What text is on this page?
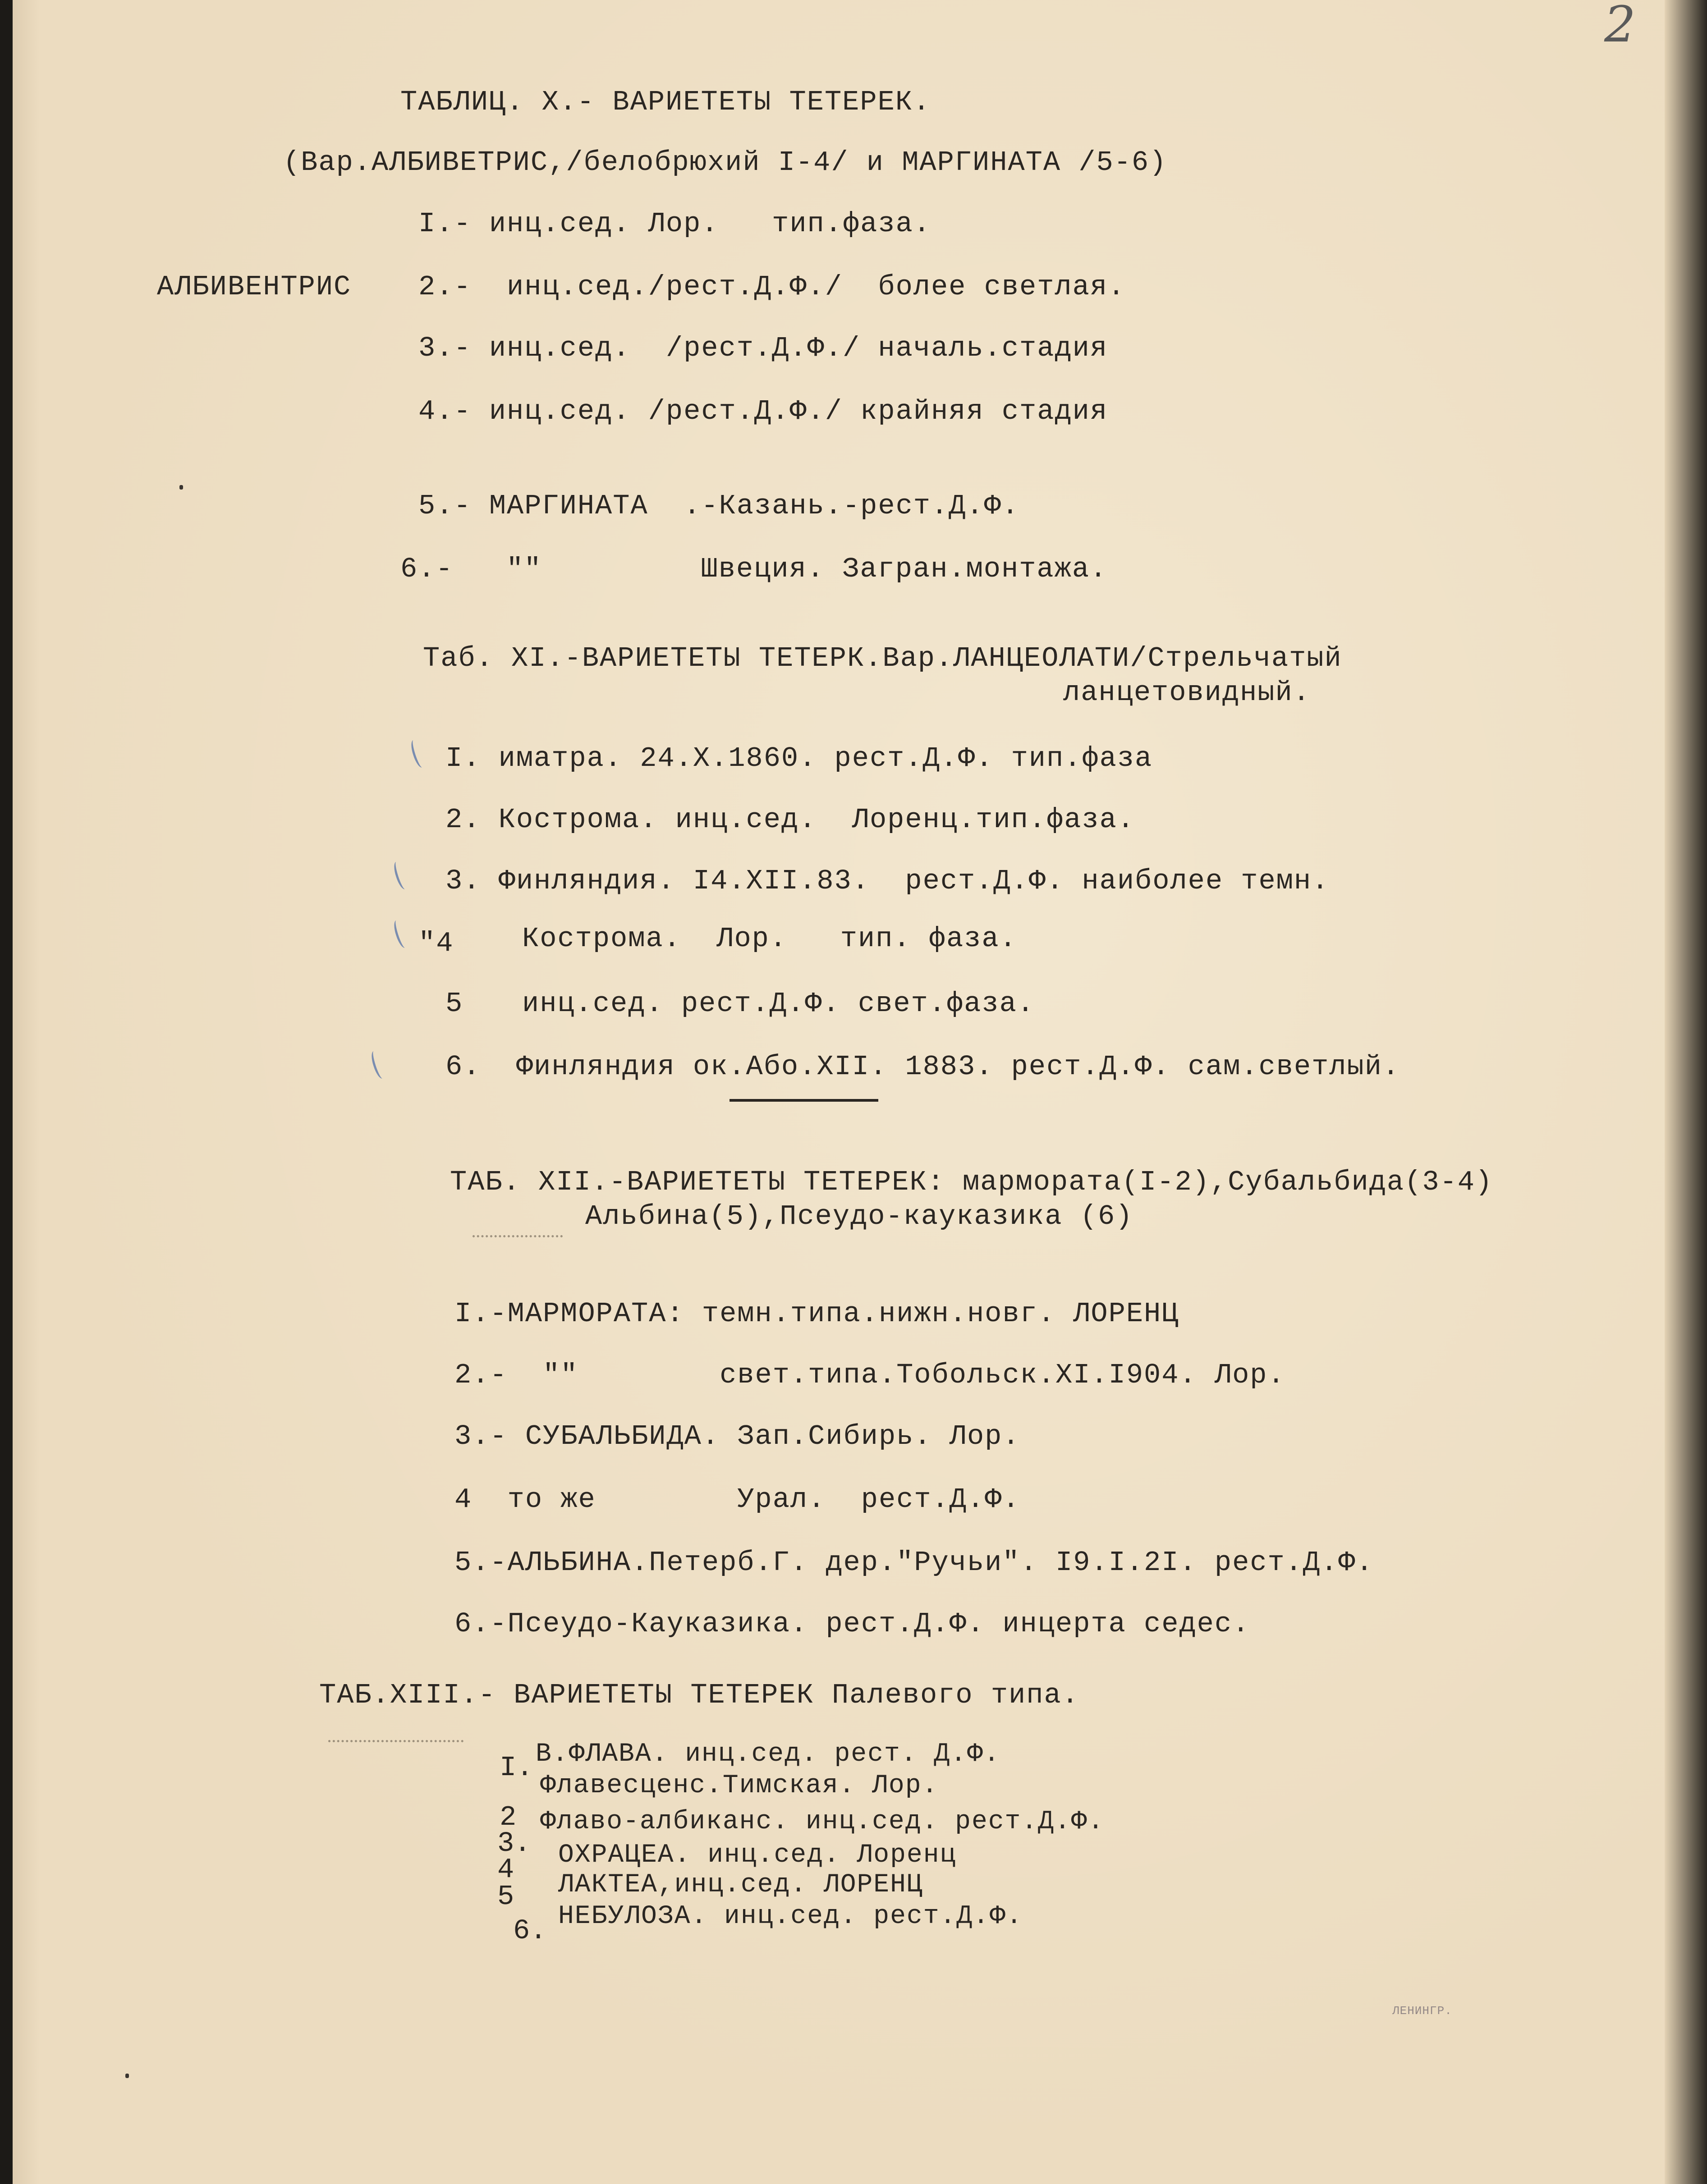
2
ТАБЛИЦ. X.- ВАРИЕТЕТЫ ТЕТЕРЕК.
(Вар.АЛБИВЕТРИС,/белобрюхий I-4/ и МАРГИНАТА /5-6)
I.- инц.сед. Лор.   тип.фаза.
АЛБИВЕНТРИС 2.-  инц.сед./рест.Д.Ф./  более светлая.
3.- инц.сед.  /рест.Д.Ф./ началь.стадия
4.- инц.сед. /рест.Д.Ф./ крайняя стадия
5.- МАРГИНАТА  .-Казань.-рест.Д.Ф.
6.-   ""         Швеция. Загран.монтажа.
Таб. XI.-ВАРИЕТЕТЫ ТЕТЕРК.Вар.ЛАНЦЕОЛАТИ/Стрельчатый
ланцетовидный.
I. иматра. 24.X.1860. рест.Д.Ф. тип.фаза
2. Кострома. инц.сед.  Лоренц.тип.фаза.
3. Финляндия. I4.XII.83.  рест.Д.Ф. наиболее темн.
"4 Кострома.  Лор.   тип. фаза.
5 инц.сед. рест.Д.Ф. свет.фаза.
6.  Финляндия ок.Або.XII. 1883. рест.Д.Ф. сам.светлый.
ТАБ. XII.-ВАРИЕТЕТЫ ТЕТЕРЕК: мармората(I-2),Субальбида(3-4)
Альбина(5),Псеудо-кауказика (6)
I.-МАРМОРАТА: темн.типа.нижн.новг. ЛОРЕНЦ
2.-  ""        свет.типа.Тобольск.XI.I904. Лор.
3.- СУБАЛЬБИДА. Зап.Сибирь. Лор.
4  то же        Урал.  рест.Д.Ф.
5.-АЛЬБИНА.Петерб.Г. дер."Ручьи". I9.I.2I. рест.Д.Ф.
6.-Псеудо-Кауказика. рест.Д.Ф. инцерта седес.
ТАБ.XIII.- ВАРИЕТЕТЫ ТЕТЕРЕК Палевого типа.
I.
2
3.
4
5
6.
В.ФЛАВА. инц.сед. рест. Д.Ф.
Флавесценс.Тимская. Лор.
Флаво-албиканс. инц.сед. рест.Д.Ф.
ОХРАЦЕА. инц.сед. Лоренц
ЛАКТЕА,инц.сед. ЛОРЕНЦ
НЕБУЛОЗА. инц.сед. рест.Д.Ф.
ЛЕНИНГР.
